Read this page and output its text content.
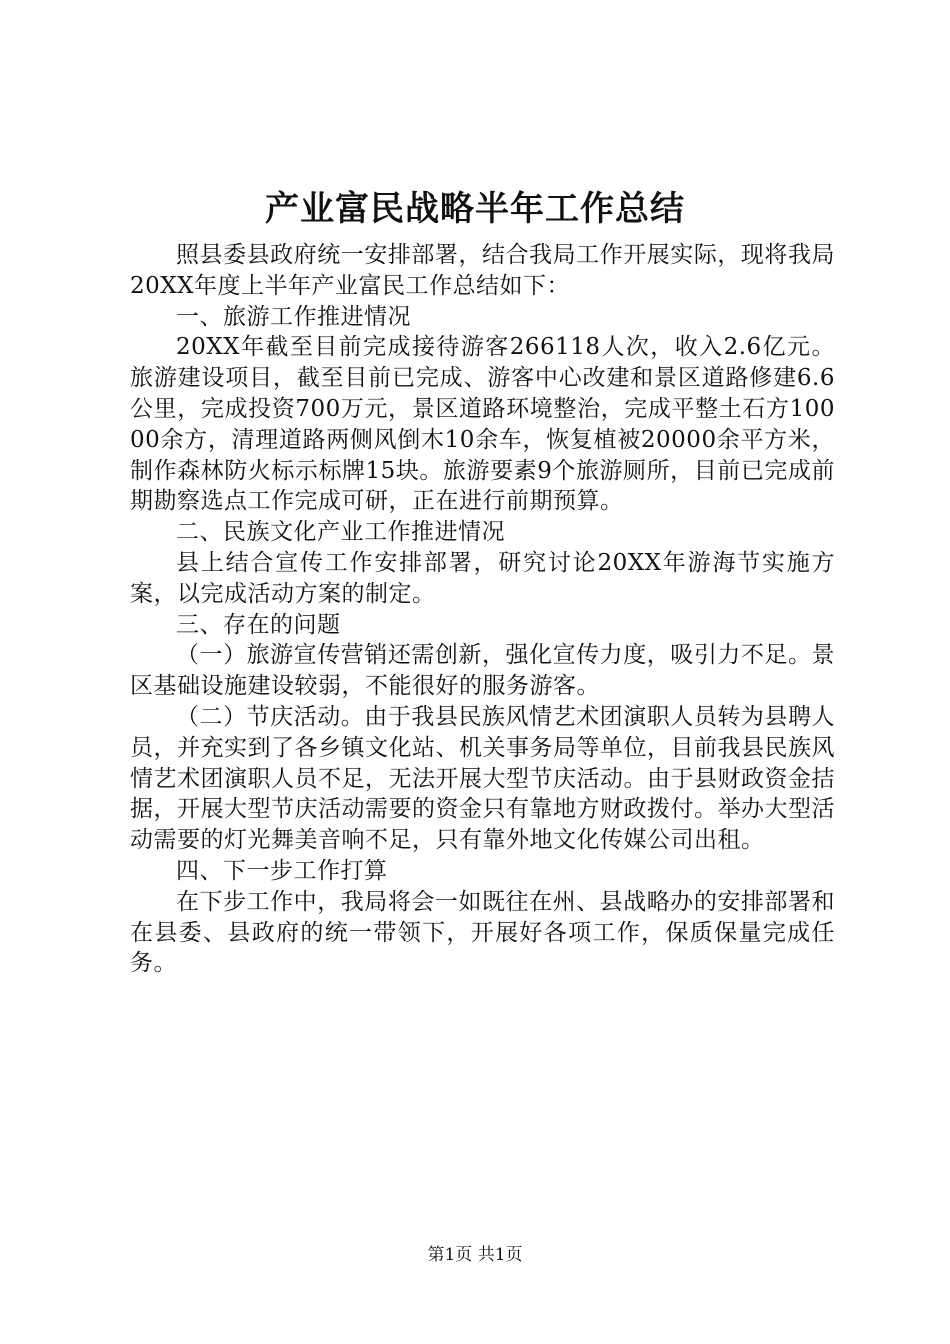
产业富民战略半年工作总结

照县委县政府统一安排部署，结合我局工作开展实际，现将我局20XX年度上半年产业富民工作总结如下：

一、旅游工作推进情况

20XX年截至目前完成接待游客266118人次，收入2.6亿元。旅游建设项目，截至目前已完成、游客中心改建和景区道路修建6.6公里，完成投资700万元，景区道路环境整治，完成平整土石方10000余方，清理道路两侧风倒木10余车，恢复植被20000余平方米，制作森林防火标示标牌15块。旅游要素9个旅游厕所，目前已完成前期勘察选点工作完成可研，正在进行前期预算。

二、民族文化产业工作推进情况

县上结合宣传工作安排部署，研究讨论20XX年游海节实施方案，以完成活动方案的制定。

三、存在的问题

（一）旅游宣传营销还需创新，强化宣传力度，吸引力不足。景区基础设施建设较弱，不能很好的服务游客。

（二）节庆活动。由于我县民族风情艺术团演职人员转为县聘人员，并充实到了各乡镇文化站、机关事务局等单位，目前我县民族风情艺术团演职人员不足，无法开展大型节庆活动。由于县财政资金拮据，开展大型节庆活动需要的资金只有靠地方财政拨付。举办大型活动需要的灯光舞美音响不足，只有靠外地文化传媒公司出租。

四、下一步工作打算

在下步工作中，我局将会一如既往在州、县战略办的安排部署和在县委、县政府的统一带领下，开展好各项工作，保质保量完成任务。

第1页 共1页
